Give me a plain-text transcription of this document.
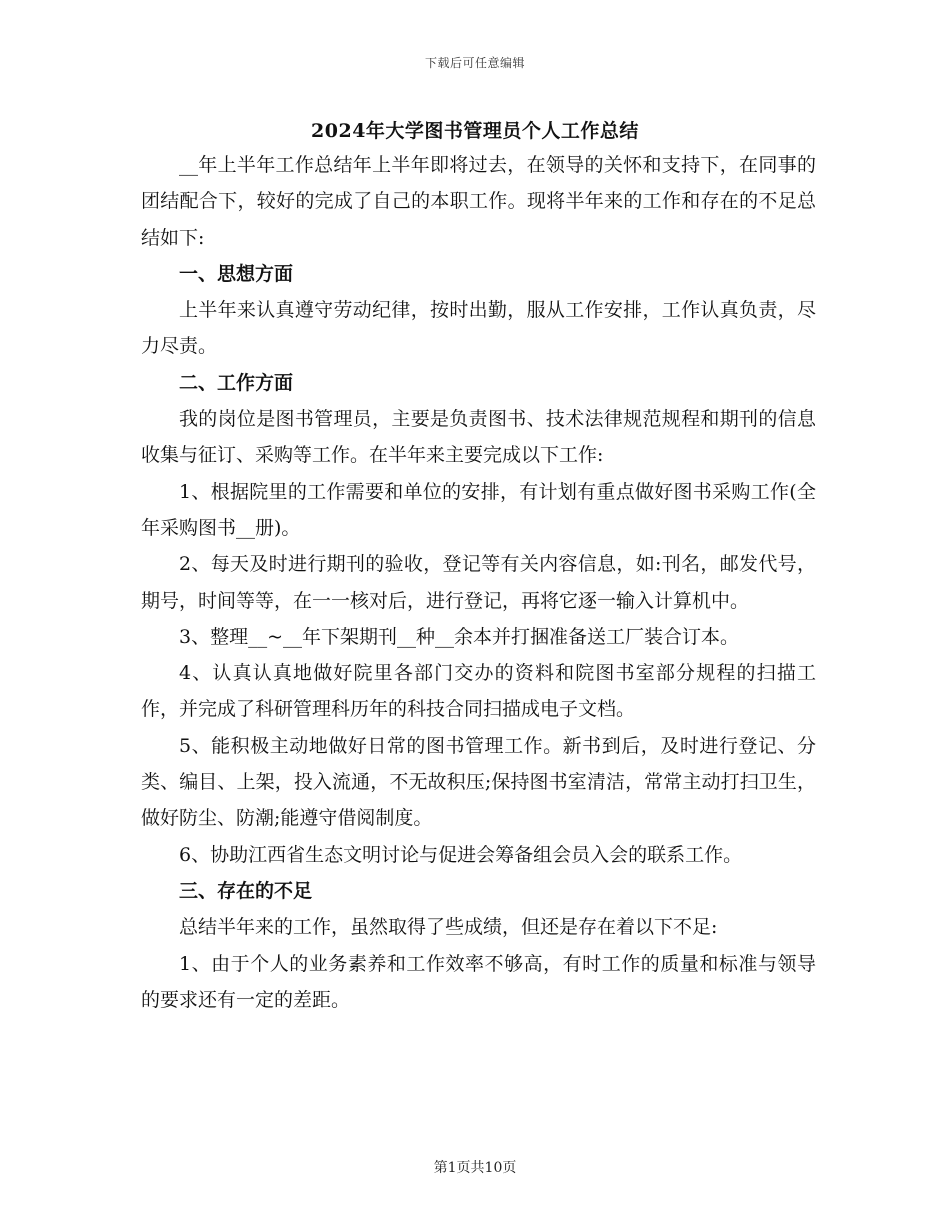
下载后可任意编辑
2024年大学图书管理员个人工作总结

__年上半年工作总结年上半年即将过去，在领导的关怀和支持下，在同事的团结配合下，较好的完成了自己的本职工作。现将半年来的工作和存在的不足总结如下:

一、思想方面

上半年来认真遵守劳动纪律，按时出勤，服从工作安排，工作认真负责，尽力尽责。

二、工作方面

我的岗位是图书管理员，主要是负责图书、技术法律规范规程和期刊的信息收集与征订、采购等工作。在半年来主要完成以下工作:

1、根据院里的工作需要和单位的安排，有计划有重点做好图书采购工作(全年采购图书__册)。

2、每天及时进行期刊的验收，登记等有关内容信息，如:刊名，邮发代号，期号，时间等等，在一一核对后，进行登记，再将它逐一输入计算机中。

3、整理__~__年下架期刊__种__余本并打捆准备送工厂装合订本。

4、认真认真地做好院里各部门交办的资料和院图书室部分规程的扫描工作，并完成了科研管理科历年的科技合同扫描成电子文档。

5、能积极主动地做好日常的图书管理工作。新书到后，及时进行登记、分类、编目、上架，投入流通，不无故积压;保持图书室清洁，常常主动打扫卫生，做好防尘、防潮;能遵守借阅制度。

6、协助江西省生态文明讨论与促进会筹备组会员入会的联系工作。

三、存在的不足

总结半年来的工作，虽然取得了些成绩，但还是存在着以下不足:

1、由于个人的业务素养和工作效率不够高，有时工作的质量和标准与领导的要求还有一定的差距。

第1页共10页
